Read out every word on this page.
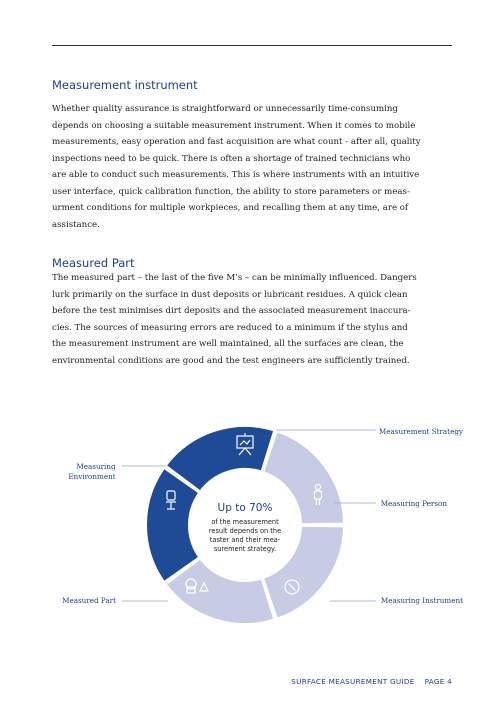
Measurement instrument
Whether quality assurance is straightforward or unnecessarily time-consuming
depends on choosing a suitable measurement instrument. When it comes to mobile
measurements, easy operation and fast acquisition are what count - after all, quality
inspections need to be quick. There is often a shortage of trained technicians who
are able to conduct such measurements. This is where instruments with an intuitive
user interface, quick calibration function, the ability to store parameters or meas-
urment conditions for multiple workpieces, and recalling them at any time, are of
assistance.
Measured Part
The measured part – the last of the five M’s – can be minimally influenced. Dangers
lurk primarily on the surface in dust deposits or lubricant residues. A quick clean
before the test minimises dirt deposits and the associated measurement inaccura-
cies. The sources of measuring errors are reduced to a minimum if the stylus and
the measurement instrument are well maintained, all the surfaces are clean, the
environmental conditions are good and the test engineers are sufficiently trained.
Up to 70%
of the measurement
result depends on the
taster and their mea-
surement strategy.
Measurement Strategy
Measuring Person
Measuring Instrument
Measured Part
Measuring
Environment
SURFACE MEASUREMENT GUIDE PAGE 4
